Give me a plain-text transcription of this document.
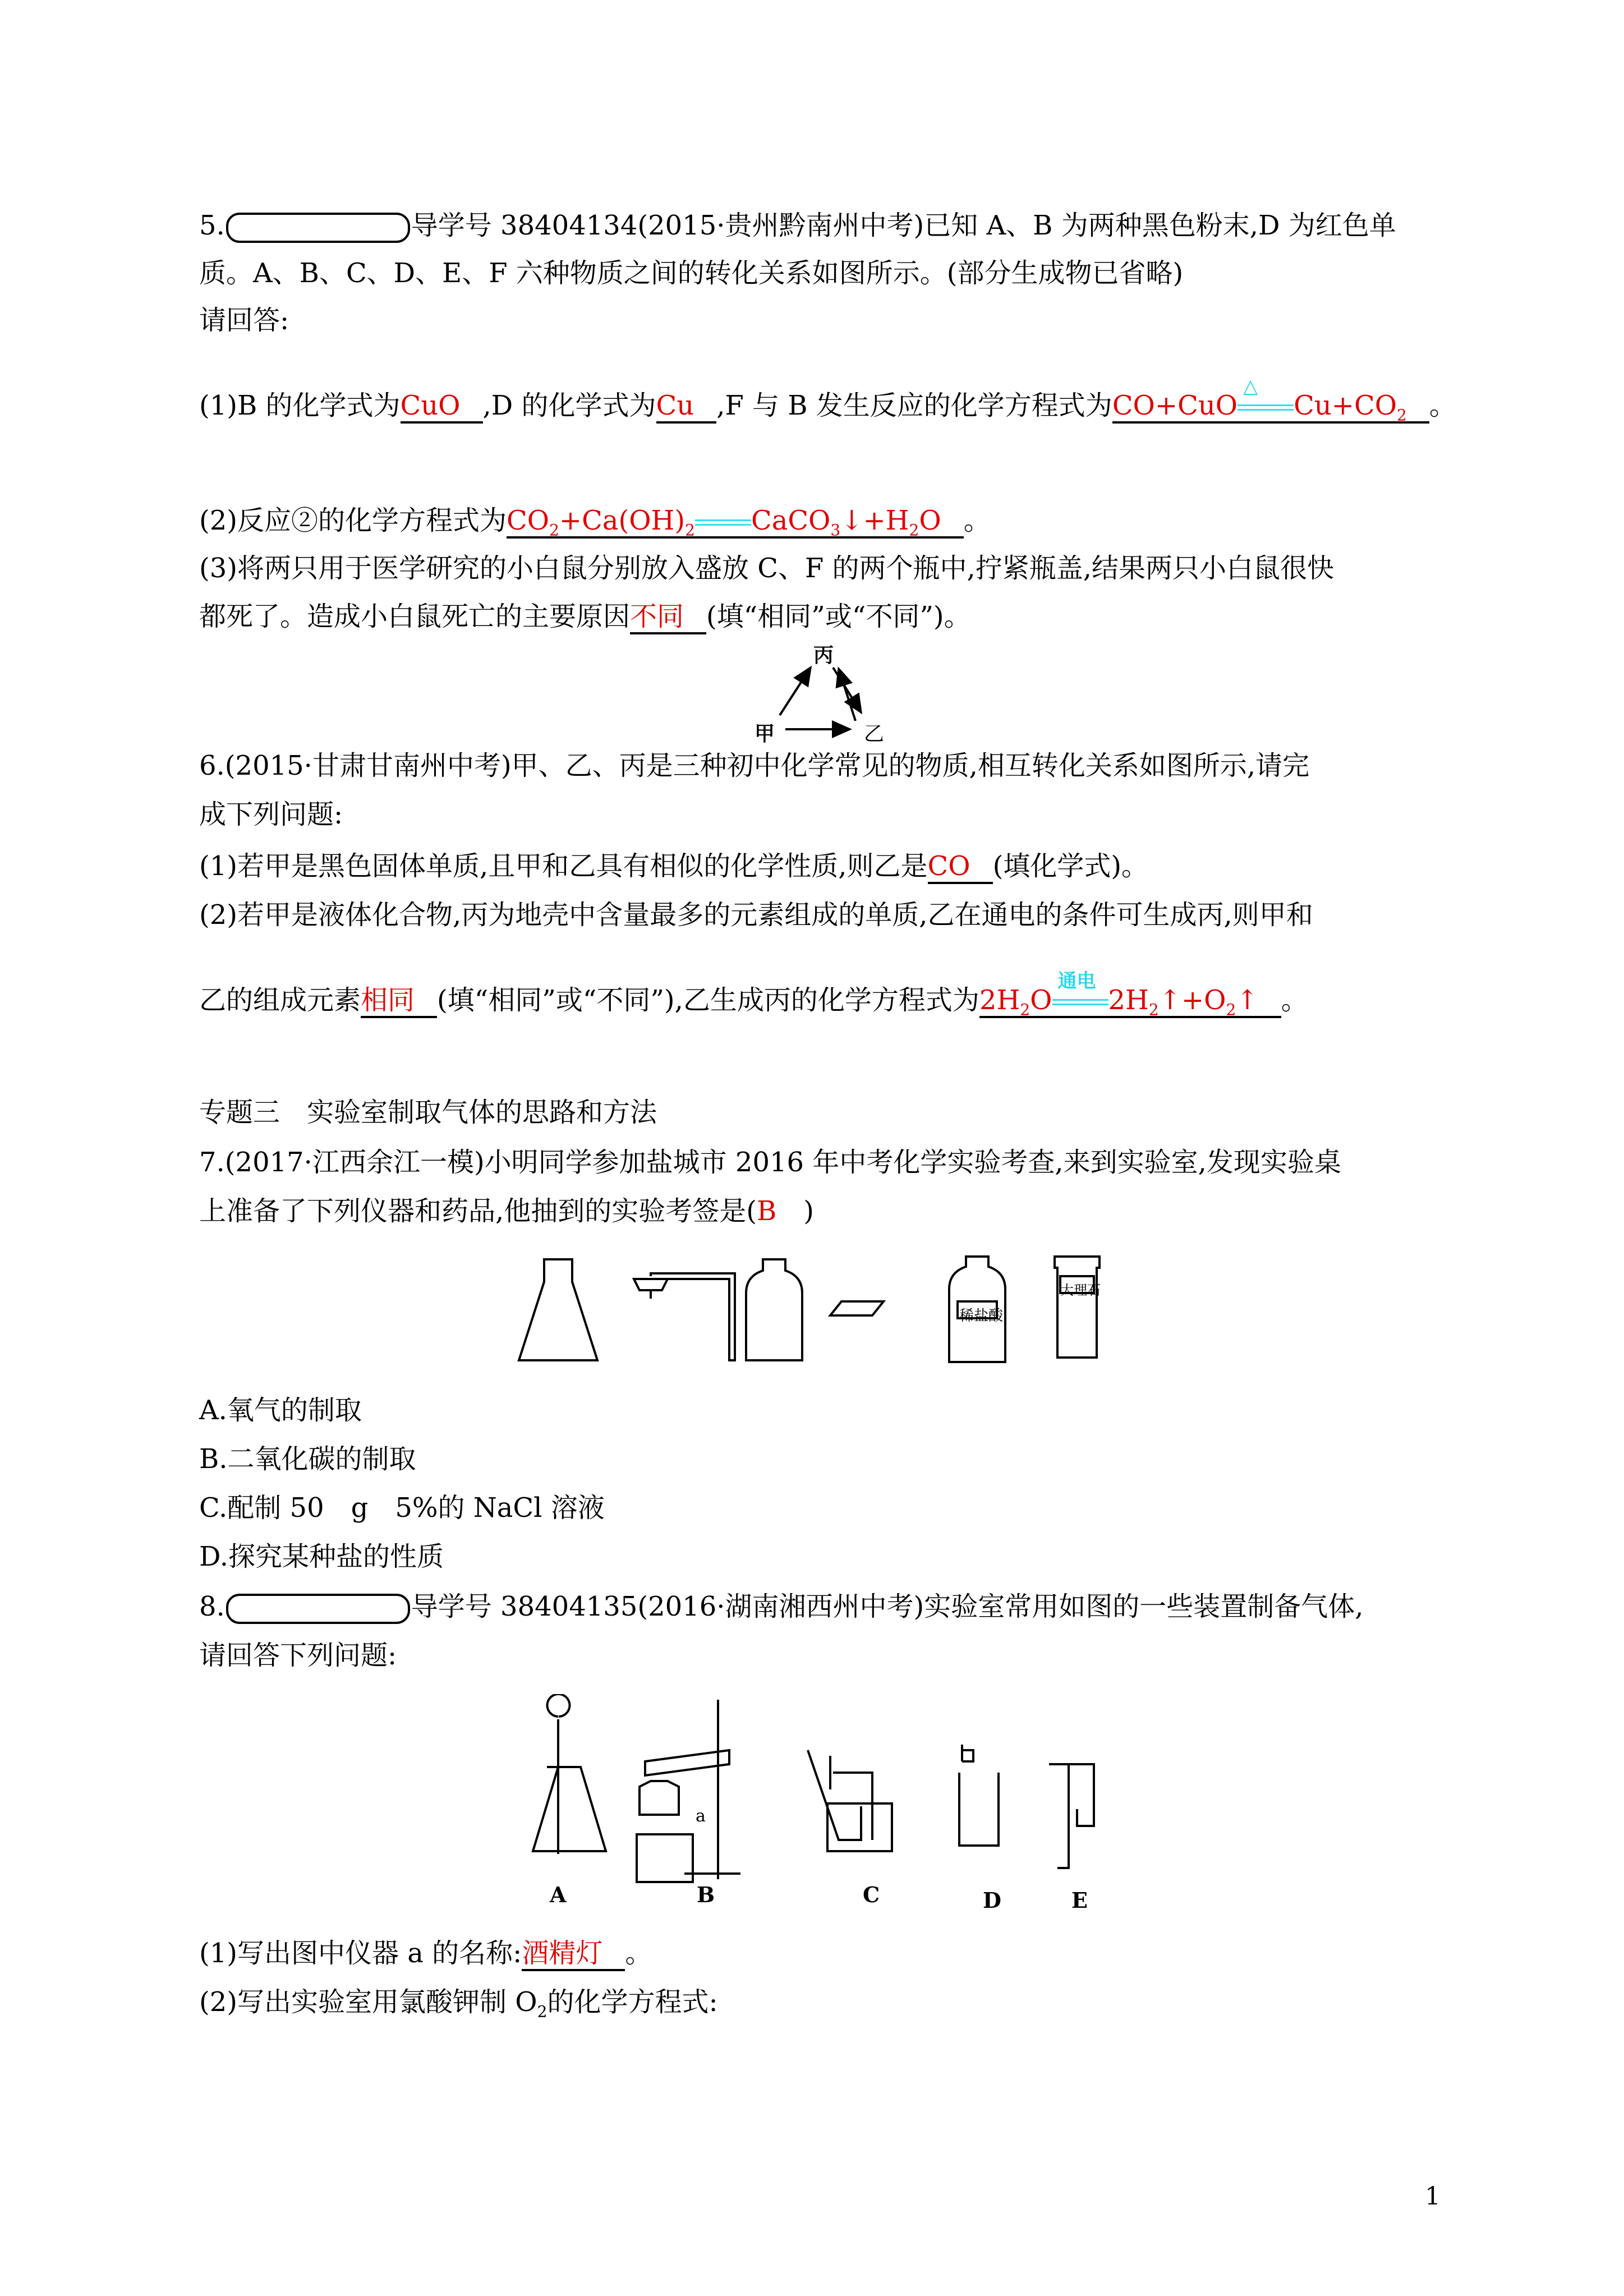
5.	导学号 38404134(2015·贵州黔南州中考)已知 A、B 为两种黑色粉末,D 为红色单
质。A、B、C、D、E、F 六种物质之间的转化关系如图所示。(部分生成物已省略)
请回答:
(1)B 的化学式为CuO ,D 的化学式为Cu ,F 与 B 发生反应的化学方程式为CO+CuO
△
$Cu+CO_2$ 。
(2)反应②的化学方程式为$CO_2+Ca(OH)_2$ $CaCO_3↓+H_2O$ 。
(3)将两只用于医学研究的小白鼠分别放入盛放 C、F 的两个瓶中,拧紧瓶盖,结果两只小白鼠很快
都死了。造成小白鼠死亡的主要原因不同 (填“相同”或“不同”)。
丙
甲	乙
6.(2015·甘肃甘南州中考)甲、乙、丙是三种初中化学常见的物质,相互转化关系如图所示,请完
成下列问题:
(1)若甲是黑色固体单质,且甲和乙具有相似的化学性质,则乙是CO (填化学式)。
(2)若甲是液体化合物,丙为地壳中含量最多的元素组成的单质,乙在通电的条件可生成丙,则甲和
乙的组成元素相同 (填“相同”或“不同”),乙生成丙的化学方程式为$2H_2O$
通电
$2H_2↑+O_2↑$ 。
专题三　实验室制取气体的思路和方法
7.(2017·江西余江一模)小明同学参加盐城市 2016 年中考化学实验考查,来到实验室,发现实验桌
上准备了下列仪器和药品,他抽到的实验考签是(B　)
稀盐酸
大理石
A.氧气的制取
B.二氧化碳的制取
C.配制 50　g　5%的 NaCl 溶液
D.探究某种盐的性质
8.	导学号 38404135(2016·湖南湘西州中考)实验室常用如图的一些装置制备气体,
请回答下列问题:
A
a
B	C	D	E
(1)写出图中仪器 a 的名称:酒精灯 。
(2)写出实验室用氯酸钾制 $O_2$的化学方程式:
1
